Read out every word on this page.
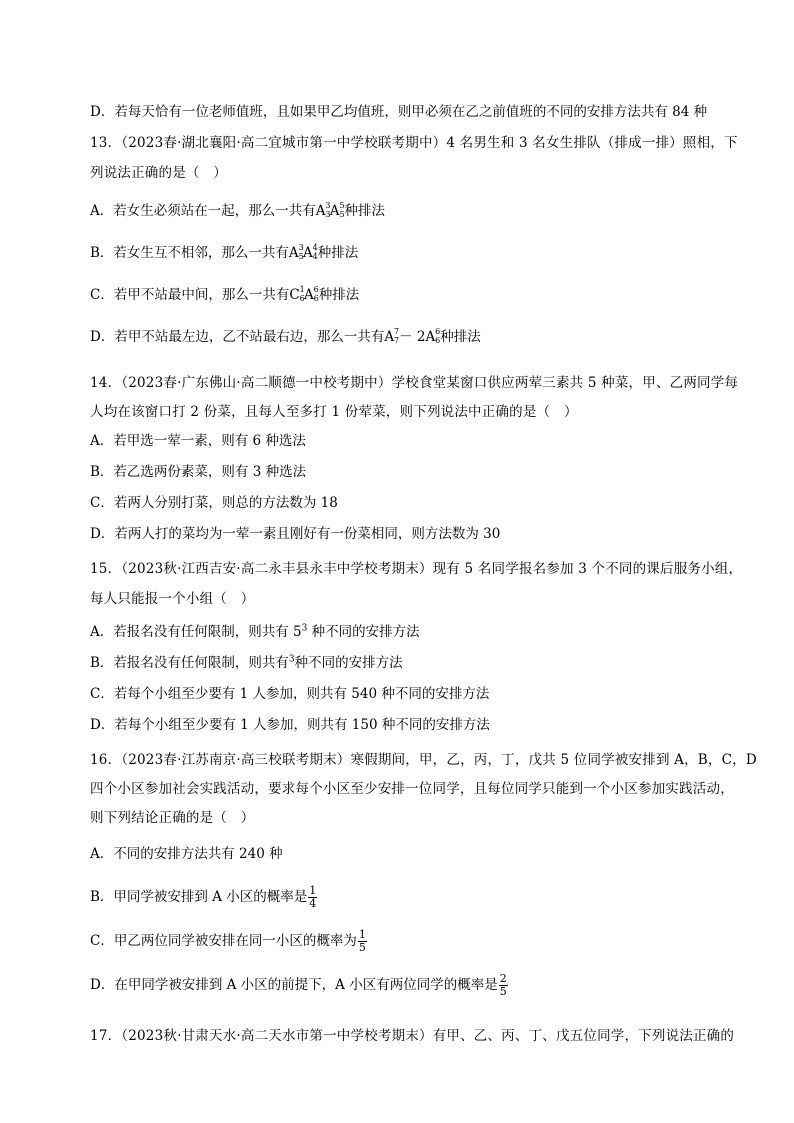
D．若每天恰有一位老师值班，且如果甲乙均值班，则甲必须在乙之前值班的不同的安排方法共有 84 种
13．（2023春·湖北襄阳·高二宜城市第一中学校联考期中）4 名男生和 3 名女生排队（排成一排）照相，下
列说法正确的是（　）
A．若女生必须站在一起，那么一共有A 3
3 A 5
5 种排法
B．若女生互不相邻，那么一共有A 3
5 A 4
4 种排法
C．若甲不站最中间，那么一共有C 1
6 A 6
6 种排法
D．若甲不站最左边，乙不站最右边，那么一共有A 7
7 － 2A 6
6 种排法
14．（2023春·广东佛山·高二顺德一中校考期中）学校食堂某窗口供应两荤三素共 5 种菜，甲、乙两同学每
人均在该窗口打 2 份菜，且每人至多打 1 份荤菜，则下列说法中正确的是（　）
A．若甲选一荤一素，则有 6 种选法
B．若乙选两份素菜，则有 3 种选法
C．若两人分别打菜，则总的方法数为 18
D．若两人打的菜均为一荤一素且刚好有一份菜相同，则方法数为 30
15．（2023秋·江西吉安·高二永丰县永丰中学校考期末）现有 5 名同学报名参加 3 个不同的课后服务小组，
每人只能报一个小组（　）
A．若报名没有任何限制，则共有 $5^3$ 种不同的安排方法
B．若报名没有任何限制，则共有$^3$种不同的安排方法
C．若每个小组至少要有 1 人参加，则共有 540 种不同的安排方法
D．若每个小组至少要有 1 人参加，则共有 150 种不同的安排方法
16．（2023春·江苏南京·高三校联考期末）寒假期间，甲，乙，丙，丁，戊共 5 位同学被安排到 A，B，C，D
四个小区参加社会实践活动，要求每个小区至少安排一位同学，且每位同学只能到一个小区参加实践活动，
则下列结论正确的是（　）
A．不同的安排方法共有 240 种
B．甲同学被安排到 A 小区的概率是 $\frac{1}{4}$
C．甲乙两位同学被安排在同一小区的概率为 $\frac{1}{5}$
D．在甲同学被安排到 A 小区的前提下，A 小区有两位同学的概率是 $\frac{2}{5}$
17．（2023秋·甘肃天水·高二天水市第一中学校考期末）有甲、乙、丙、丁、戊五位同学，下列说法正确的
